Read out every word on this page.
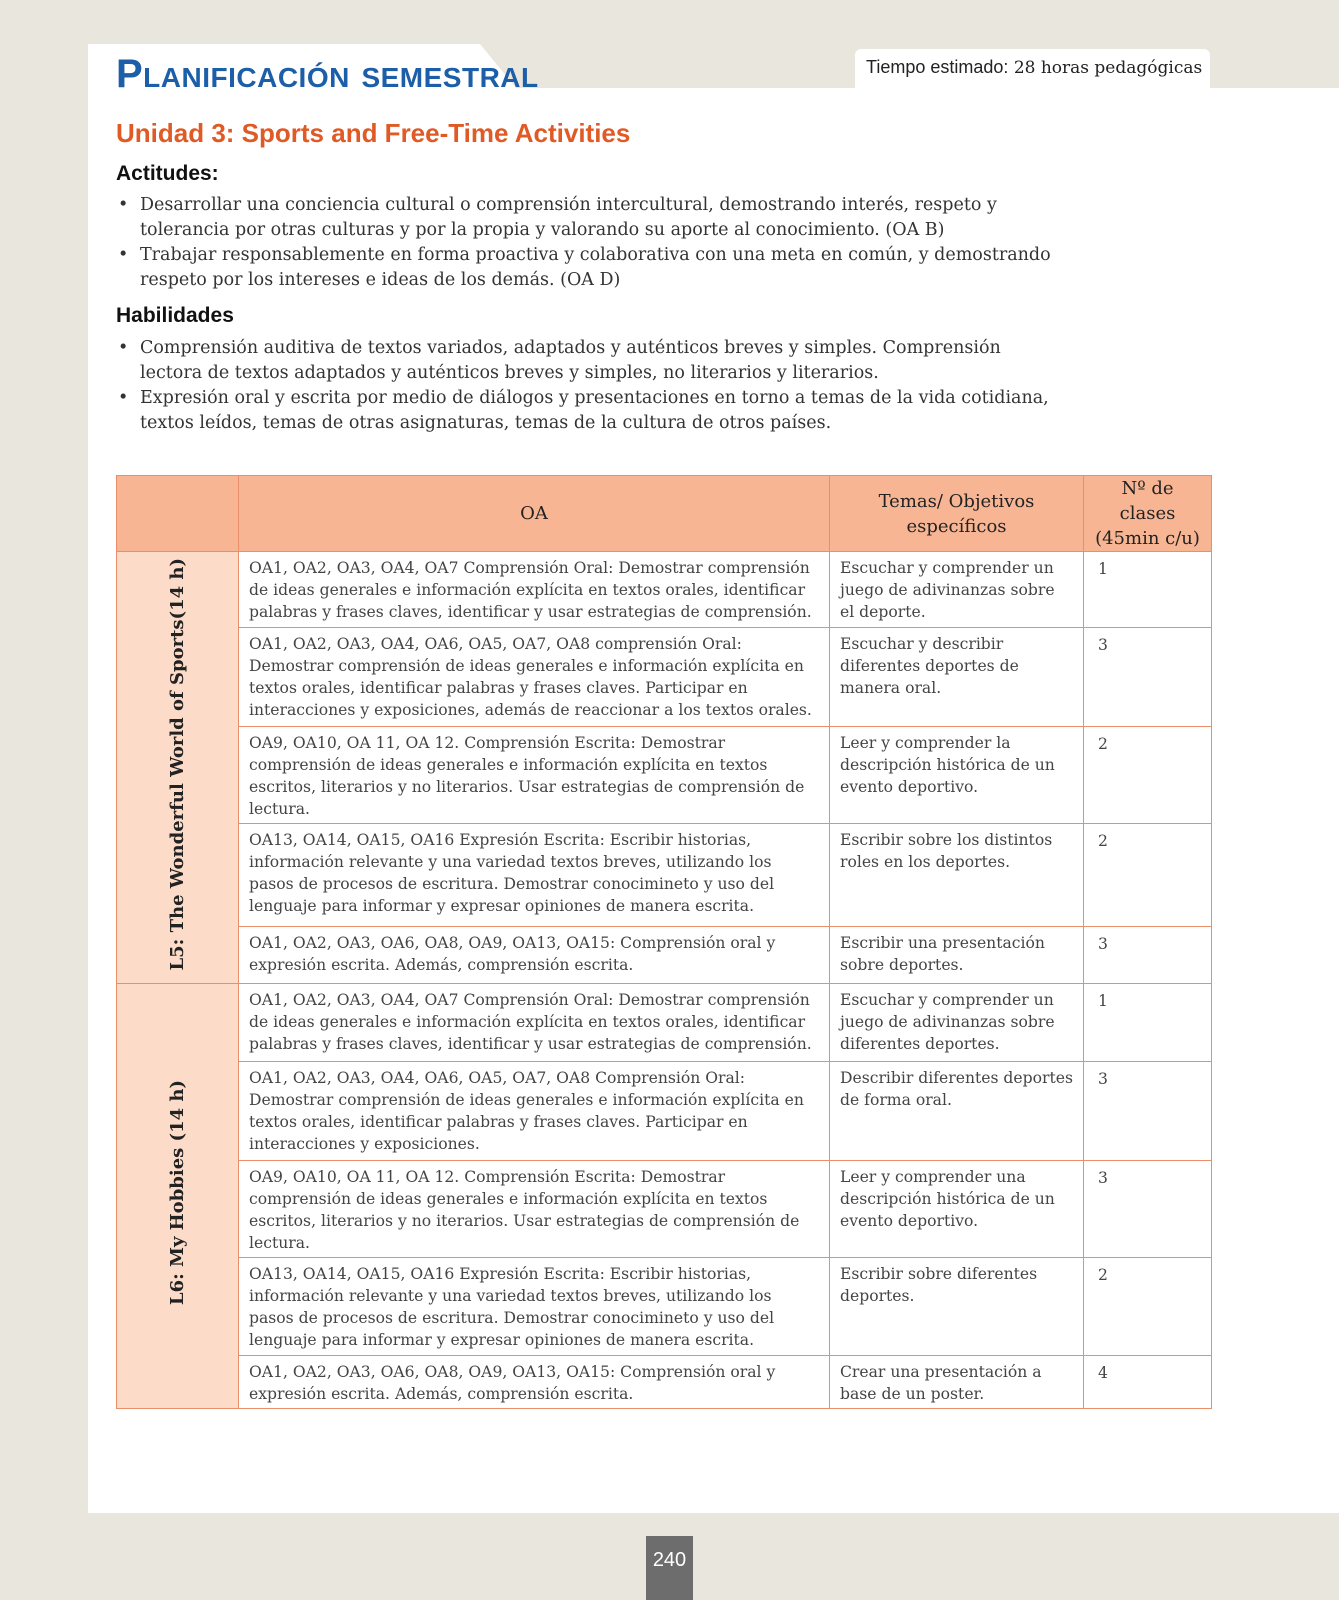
Planificación semestral	Tiempo estimado: 28 horas pedagógicas
Unidad 3: Sports and Free-Time Activities
Actitudes:
• Desarrollar una conciencia cultural o comprensión intercultural, demostrando interés, respeto y tolerancia por otras culturas y por la propia y valorando su aporte al conocimiento. (OA B)
• Trabajar responsablemente en forma proactiva y colaborativa con una meta en común, y demostrando respeto por los intereses e ideas de los demás. (OA D)
Habilidades
• Comprensión auditiva de textos variados, adaptados y auténticos breves y simples. Comprensión lectora de textos adaptados y auténticos breves y simples, no literarios y literarios.
• Expresión oral y escrita por medio de diálogos y presentaciones en torno a temas de la vida cotidiana, textos leídos, temas de otras asignaturas, temas de la cultura de otros países.
	OA	Temas/ Objetivos específicos	Nº de clases (45min c/u)
L5: The Wonderful World of Sports(14 h)	OA1, OA2, OA3, OA4, OA7 Comprensión Oral: Demostrar comprensión de ideas generales e información explícita en textos orales, identificar palabras y frases claves, identificar y usar estrategias de comprensión.	Escuchar y comprender un juego de adivinanzas sobre el deporte.	1
	OA1, OA2, OA3, OA4, OA6, OA5, OA7, OA8 comprensión Oral: Demostrar comprensión de ideas generales e información explícita en textos orales, identificar palabras y frases claves. Participar en interacciones y exposiciones, además de reaccionar a los textos orales.	Escuchar y describir diferentes deportes de manera oral.	3
	OA9, OA10, OA 11, OA 12. Comprensión Escrita: Demostrar comprensión de ideas generales e información explícita en textos escritos, literarios y no literarios. Usar estrategias de comprensión de lectura.	Leer y comprender la descripción histórica de un evento deportivo.	2
	OA13, OA14, OA15, OA16 Expresión Escrita: Escribir historias, información relevante y una variedad textos breves, utilizando los pasos de procesos de escritura. Demostrar conocimineto y uso del lenguaje para informar y expresar opiniones de manera escrita.	Escribir sobre los distintos roles en los deportes.	2
	OA1, OA2, OA3, OA6, OA8, OA9, OA13, OA15: Comprensión oral y expresión escrita. Además, comprensión escrita.	Escribir una presentación sobre deportes.	3
L6: My Hobbies (14 h)	OA1, OA2, OA3, OA4, OA7 Comprensión Oral: Demostrar comprensión de ideas generales e información explícita en textos orales, identificar palabras y frases claves, identificar y usar estrategias de comprensión.	Escuchar y comprender un juego de adivinanzas sobre diferentes deportes.	1
	OA1, OA2, OA3, OA4, OA6, OA5, OA7, OA8 Comprensión Oral: Demostrar comprensión de ideas generales e información explícita en textos orales, identificar palabras y frases claves. Participar en interacciones y exposiciones.	Describir diferentes deportes de forma oral.	3
	OA9, OA10, OA 11, OA 12. Comprensión Escrita: Demostrar comprensión de ideas generales e información explícita en textos escritos, literarios y no iterarios. Usar estrategias de comprensión de lectura.	Leer y comprender una descripción histórica de un evento deportivo.	3
	OA13, OA14, OA15, OA16 Expresión Escrita: Escribir historias, información relevante y una variedad textos breves, utilizando los pasos de procesos de escritura. Demostrar conocimineto y uso del lenguaje para informar y expresar opiniones de manera escrita.	Escribir sobre diferentes deportes.	2
	OA1, OA2, OA3, OA6, OA8, OA9, OA13, OA15: Comprensión oral y expresión escrita. Además, comprensión escrita.	Crear una presentación a base de un poster.	4
240
